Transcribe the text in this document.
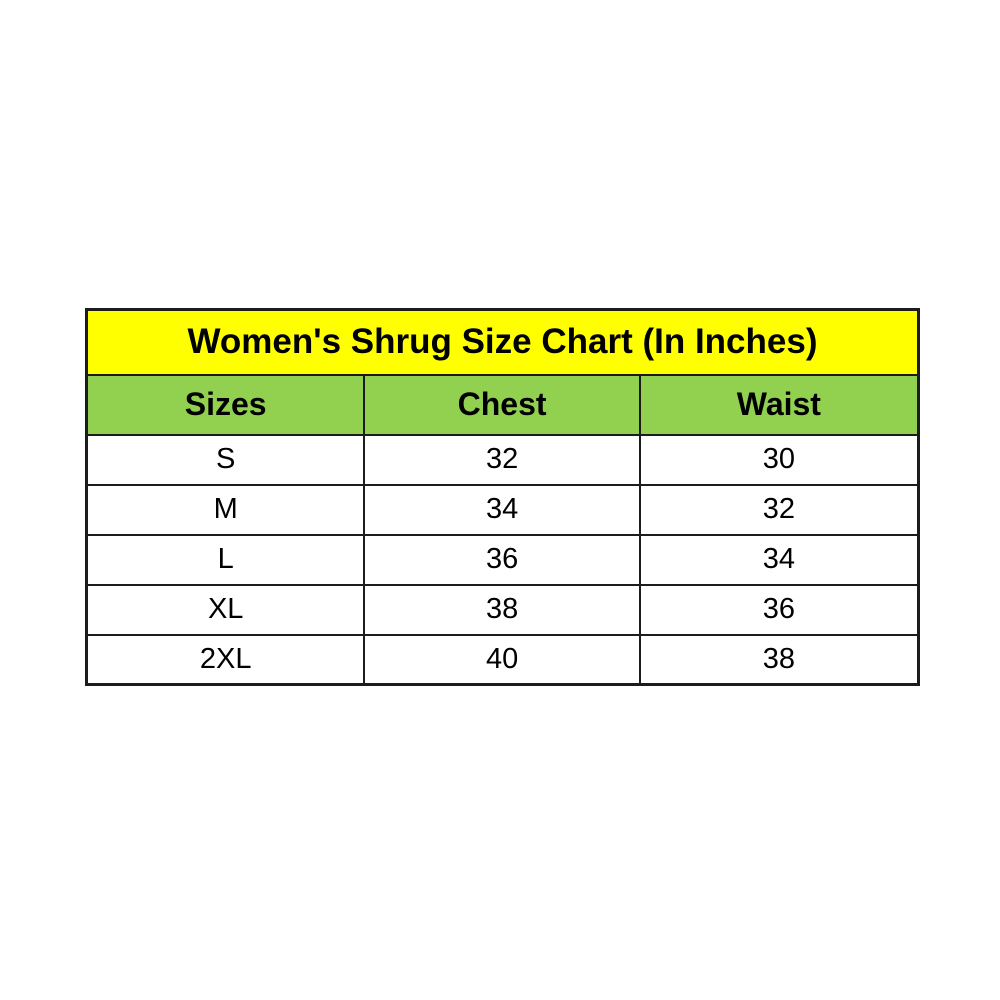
Women's Shrug Size Chart (In Inches)		
Sizes	Chest	Waist
S	32	30
M	34	32
L	36	34
XL	38	36
2XL	40	38
